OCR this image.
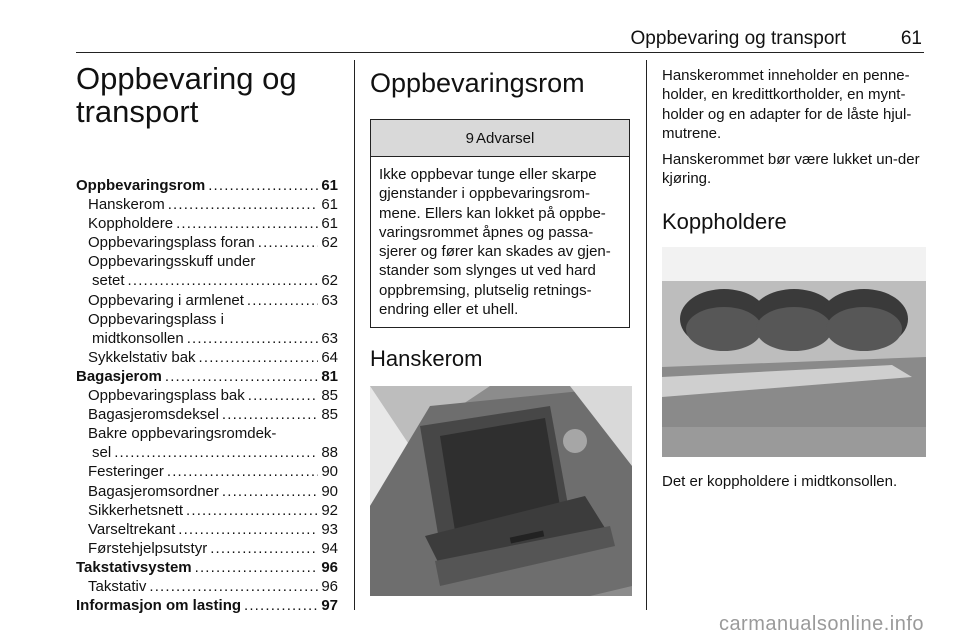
Oppbevaring og transport	61
Oppbevaring og
transport
Oppbevaringsrom . . .	61
Hanskerom . . .	61
Koppholdere . . .	61
Oppbevaringsplass foran . . .	62
Oppbevaringsskuff under
setet . . .	62
Oppbevaring i armlenet . . .	63
Oppbevaringsplass i
midtkonsollen . . .	63
Sykkelstativ bak . . .	64
Bagasjerom . . .	81
Oppbevaringsplass bak . . .	85
Bagasjeromsdeksel . . .	85
Bakre oppbevaringsromdek-
sel . . .	88
Festeringer . . .	90
Bagasjeromsordner . . .	90
Sikkerhetsnett . . .	92
Varseltrekant . . .	93
Førstehjelpsutstyr . . .	94
Takstativsystem . . .	96
Takstativ . . .	96
Informasjon om lasting . . .	97
Oppbevaringsrom
9 Advarsel
Ikke oppbevar tunge eller skarpe gjenstander i oppbevaringsrom-mene. Ellers kan lokket på oppbe-varingsrommet åpnes og passa-sjerer og fører kan skades av gjen-stander som slynges ut ved hard oppbremsing, plutselig retnings-endring eller et uhell.
Hanskerom

Hanskerommet inneholder en penne-holder, en kredittkortholder, en mynt-holder og en adapter for de låste hjul-mutrene.

Hanskerommet bør være lukket un-der kjøring.

Koppholdere

Det er koppholdere i midtkonsollen.

carmanualsonline.info
